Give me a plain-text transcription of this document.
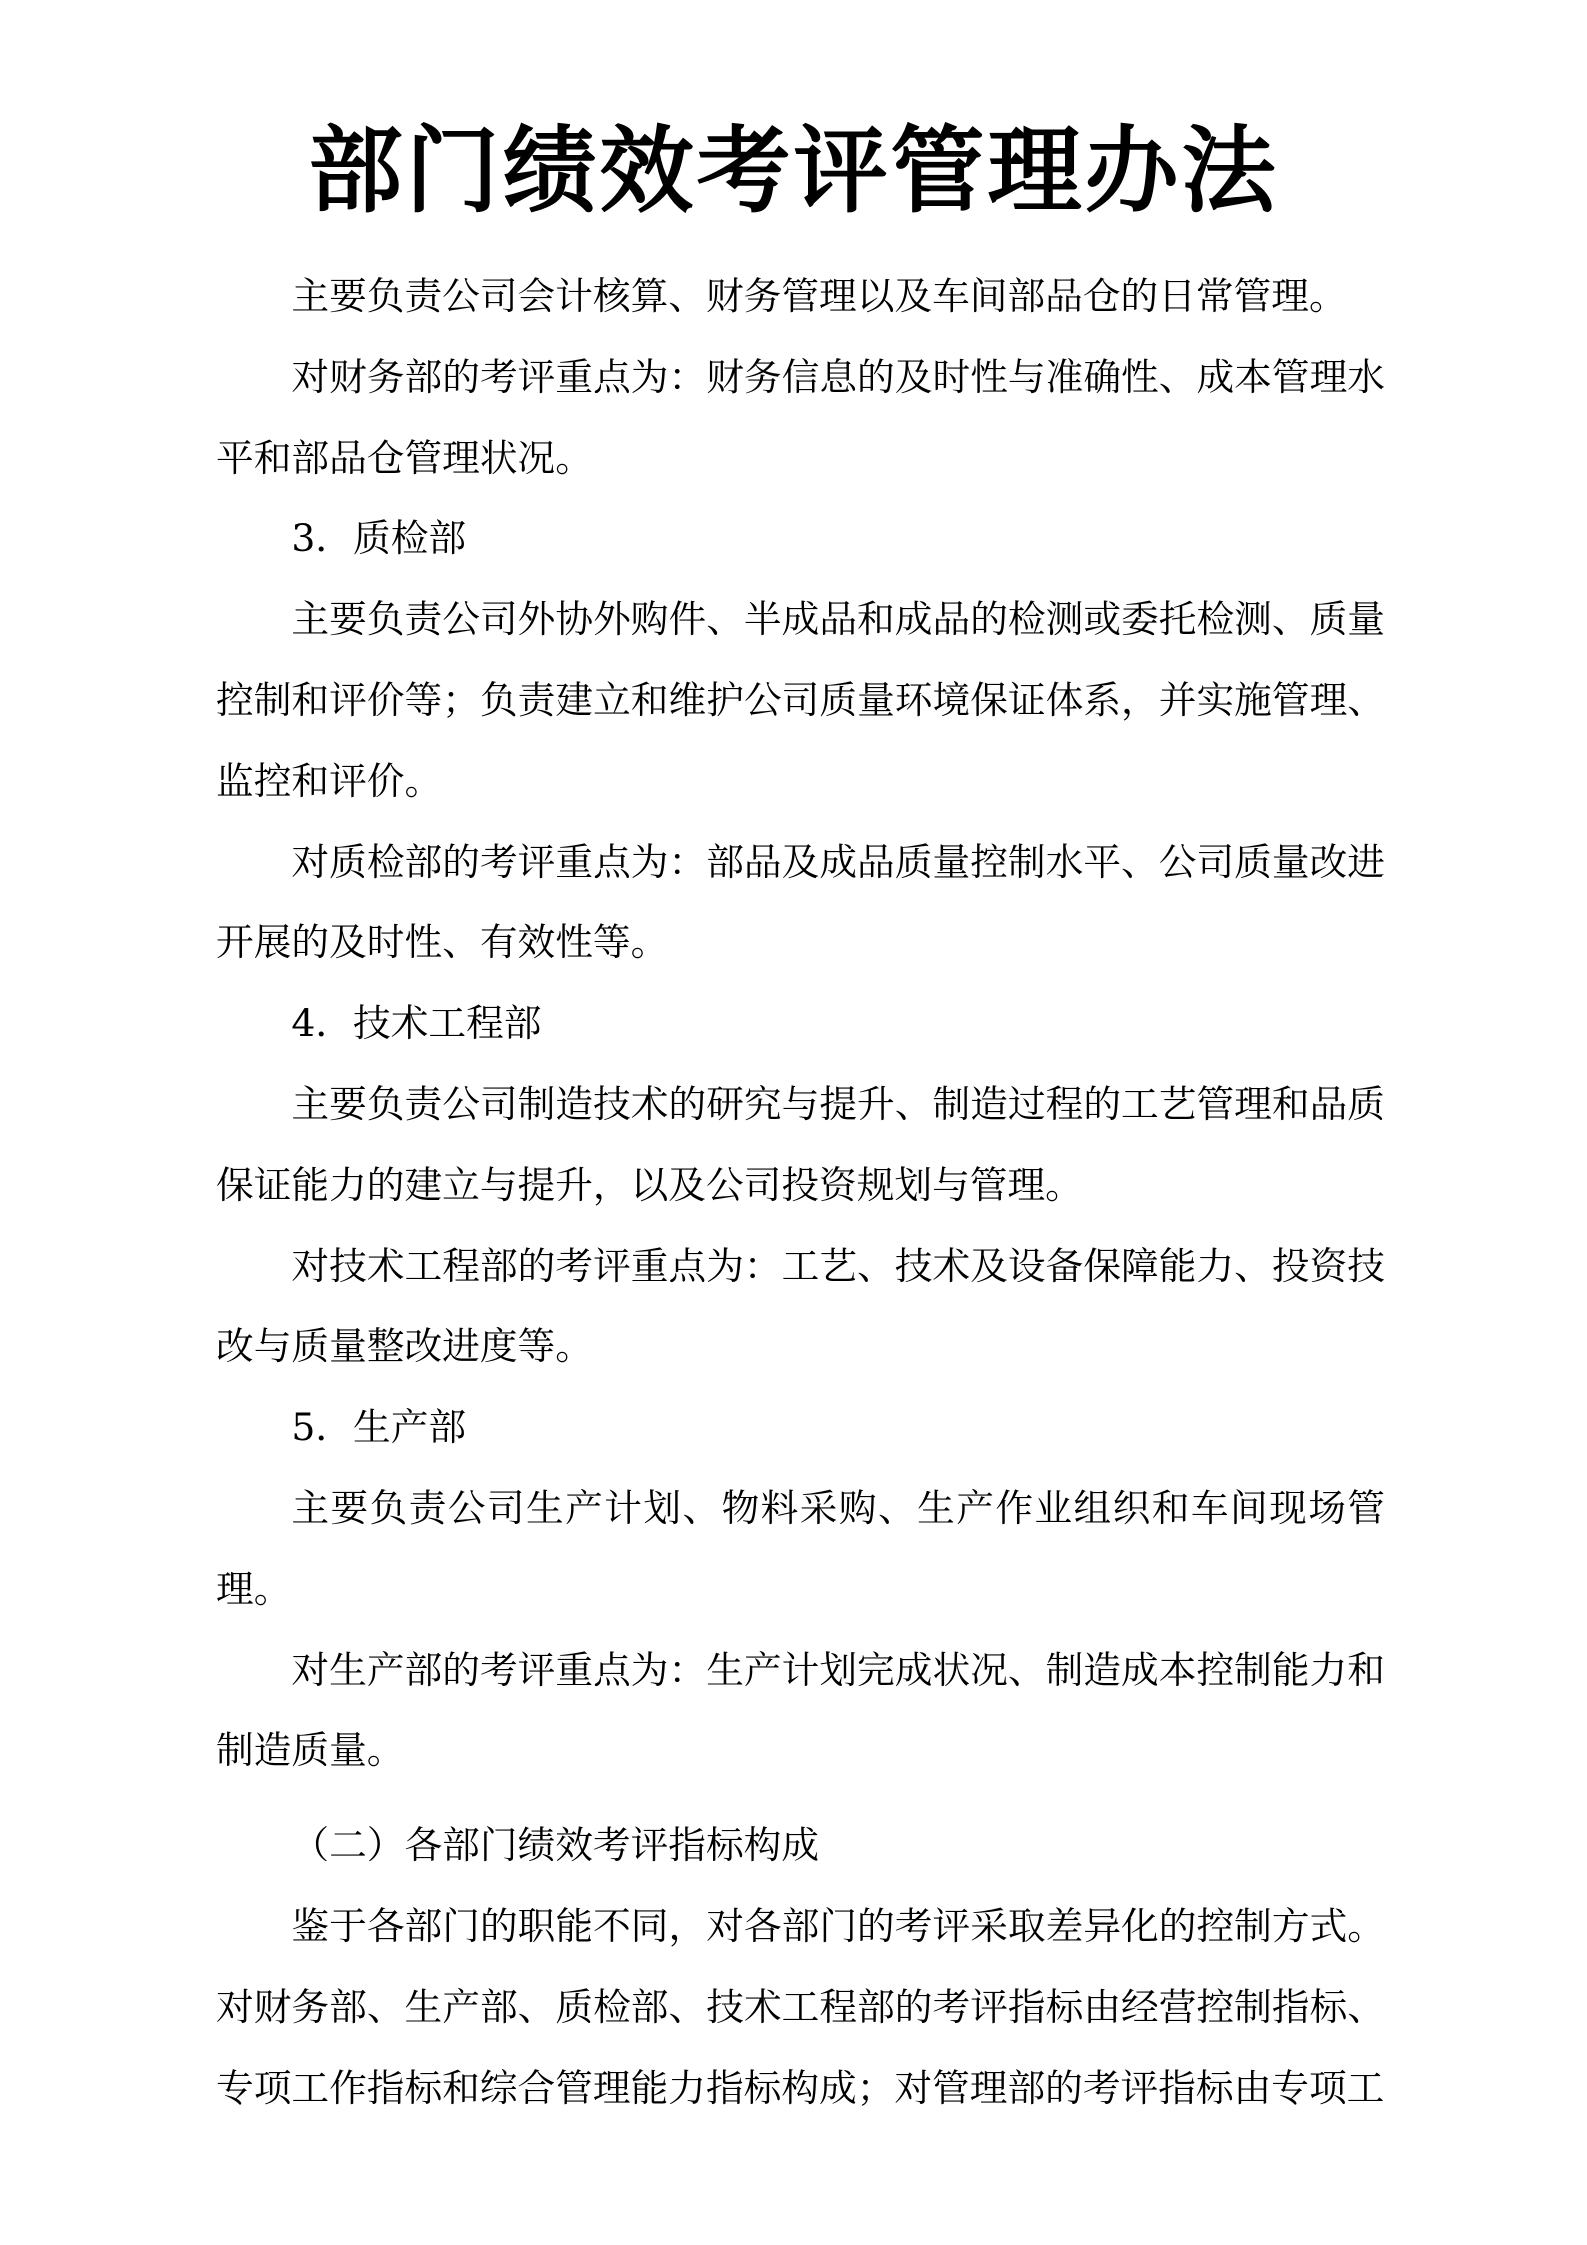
部门绩效考评管理办法

主要负责公司会计核算、财务管理以及车间部品仓的日常管理。

对财务部的考评重点为：财务信息的及时性与准确性、成本管理水平和部品仓管理状况。

3．质检部

主要负责公司外协外购件、半成品和成品的检测或委托检测、质量控制和评价等；负责建立和维护公司质量环境保证体系，并实施管理、监控和评价。

对质检部的考评重点为：部品及成品质量控制水平、公司质量改进开展的及时性、有效性等。

4．技术工程部

主要负责公司制造技术的研究与提升、制造过程的工艺管理和品质保证能力的建立与提升，以及公司投资规划与管理。

对技术工程部的考评重点为：工艺、技术及设备保障能力、投资技改与质量整改进度等。

5．生产部

主要负责公司生产计划、物料采购、生产作业组织和车间现场管理。

对生产部的考评重点为：生产计划完成状况、制造成本控制能力和制造质量。

（二）各部门绩效考评指标构成

鉴于各部门的职能不同，对各部门的考评采取差异化的控制方式。对财务部、生产部、质检部、技术工程部的考评指标由经营控制指标、专项工作指标和综合管理能力指标构成；对管理部的考评指标由专项工
